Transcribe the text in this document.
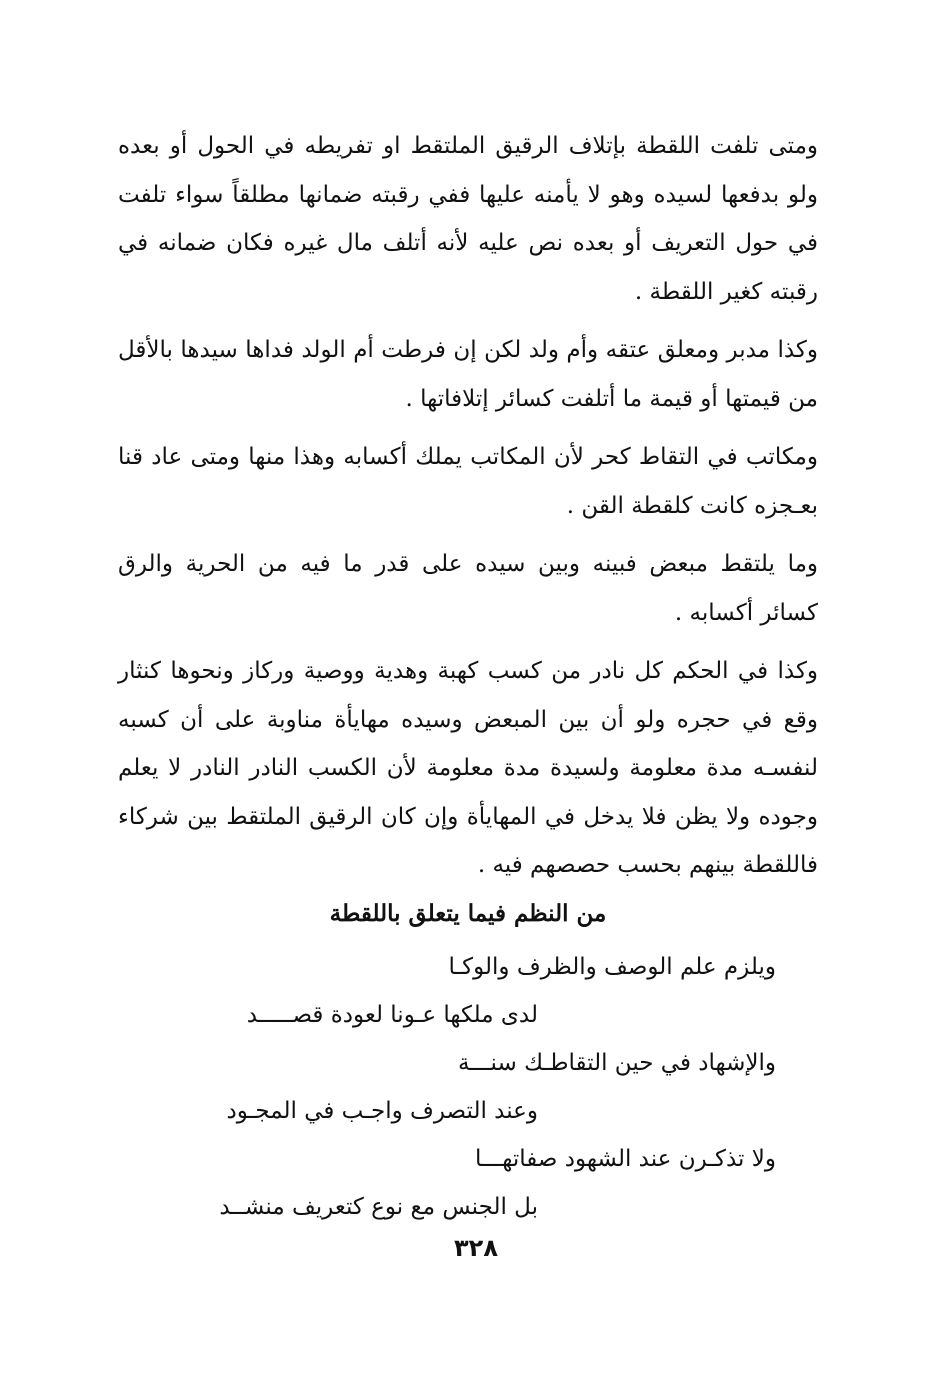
ومتى تلفت اللقطة بإتلاف الرقيق الملتقط او تفريطه في الحول أو بعده ولو بدفعها لسيده وهو لا يأمنه عليها ففي رقبته ضمانها مطلقاً سواء تلفت في حول التعريف أو بعده نص عليه لأنه أتلف مال غيره فكان ضمانه في رقبته كغير اللقطة .

وكذا مدبر ومعلق عتقه وأم ولد لكن إن فرطت أم الولد فداها سيدها بالأقل من قيمتها أو قيمة ما أتلفت كسائر إتلافاتها .

ومكاتب في التقاط كحر لأن المكاتب يملك أكسابه وهذا منها ومتى عاد قنا بعـجزه كانت كلقطة القن .

وما يلتقط مبعض فبينه وبين سيده على قدر ما فيه من الحرية والرق كسائر أكسابه .

وكذا في الحكم كل نادر من كسب كهبة وهدية ووصية وركاز ونحوها كنثار وقع في حجره ولو أن بين المبعض وسيده مهايأة مناوبة على أن كسبه لنفسـه مدة معلومة ولسيدة مدة معلومة لأن الكسب النادر النادر لا يعلم وجوده ولا يظن فلا يدخل في المهايأة وإن كان الرقيق الملتقط بين شركاء فاللقطة بينهم بحسب حصصهم فيه .

من النظم فيما يتعلق باللقطة
ويلزم علم الوصف والظرف والوكـا
لدى ملكها عـونا لعودة قصـــــد
والإشهاد في حين التقاطـك سنـــة
وعند التصرف واجـب في المجـود
ولا تذكـرن عند الشهود صفاتهـــا
بل الجنس مع نوع كتعريف منشــد
٣٢٨
